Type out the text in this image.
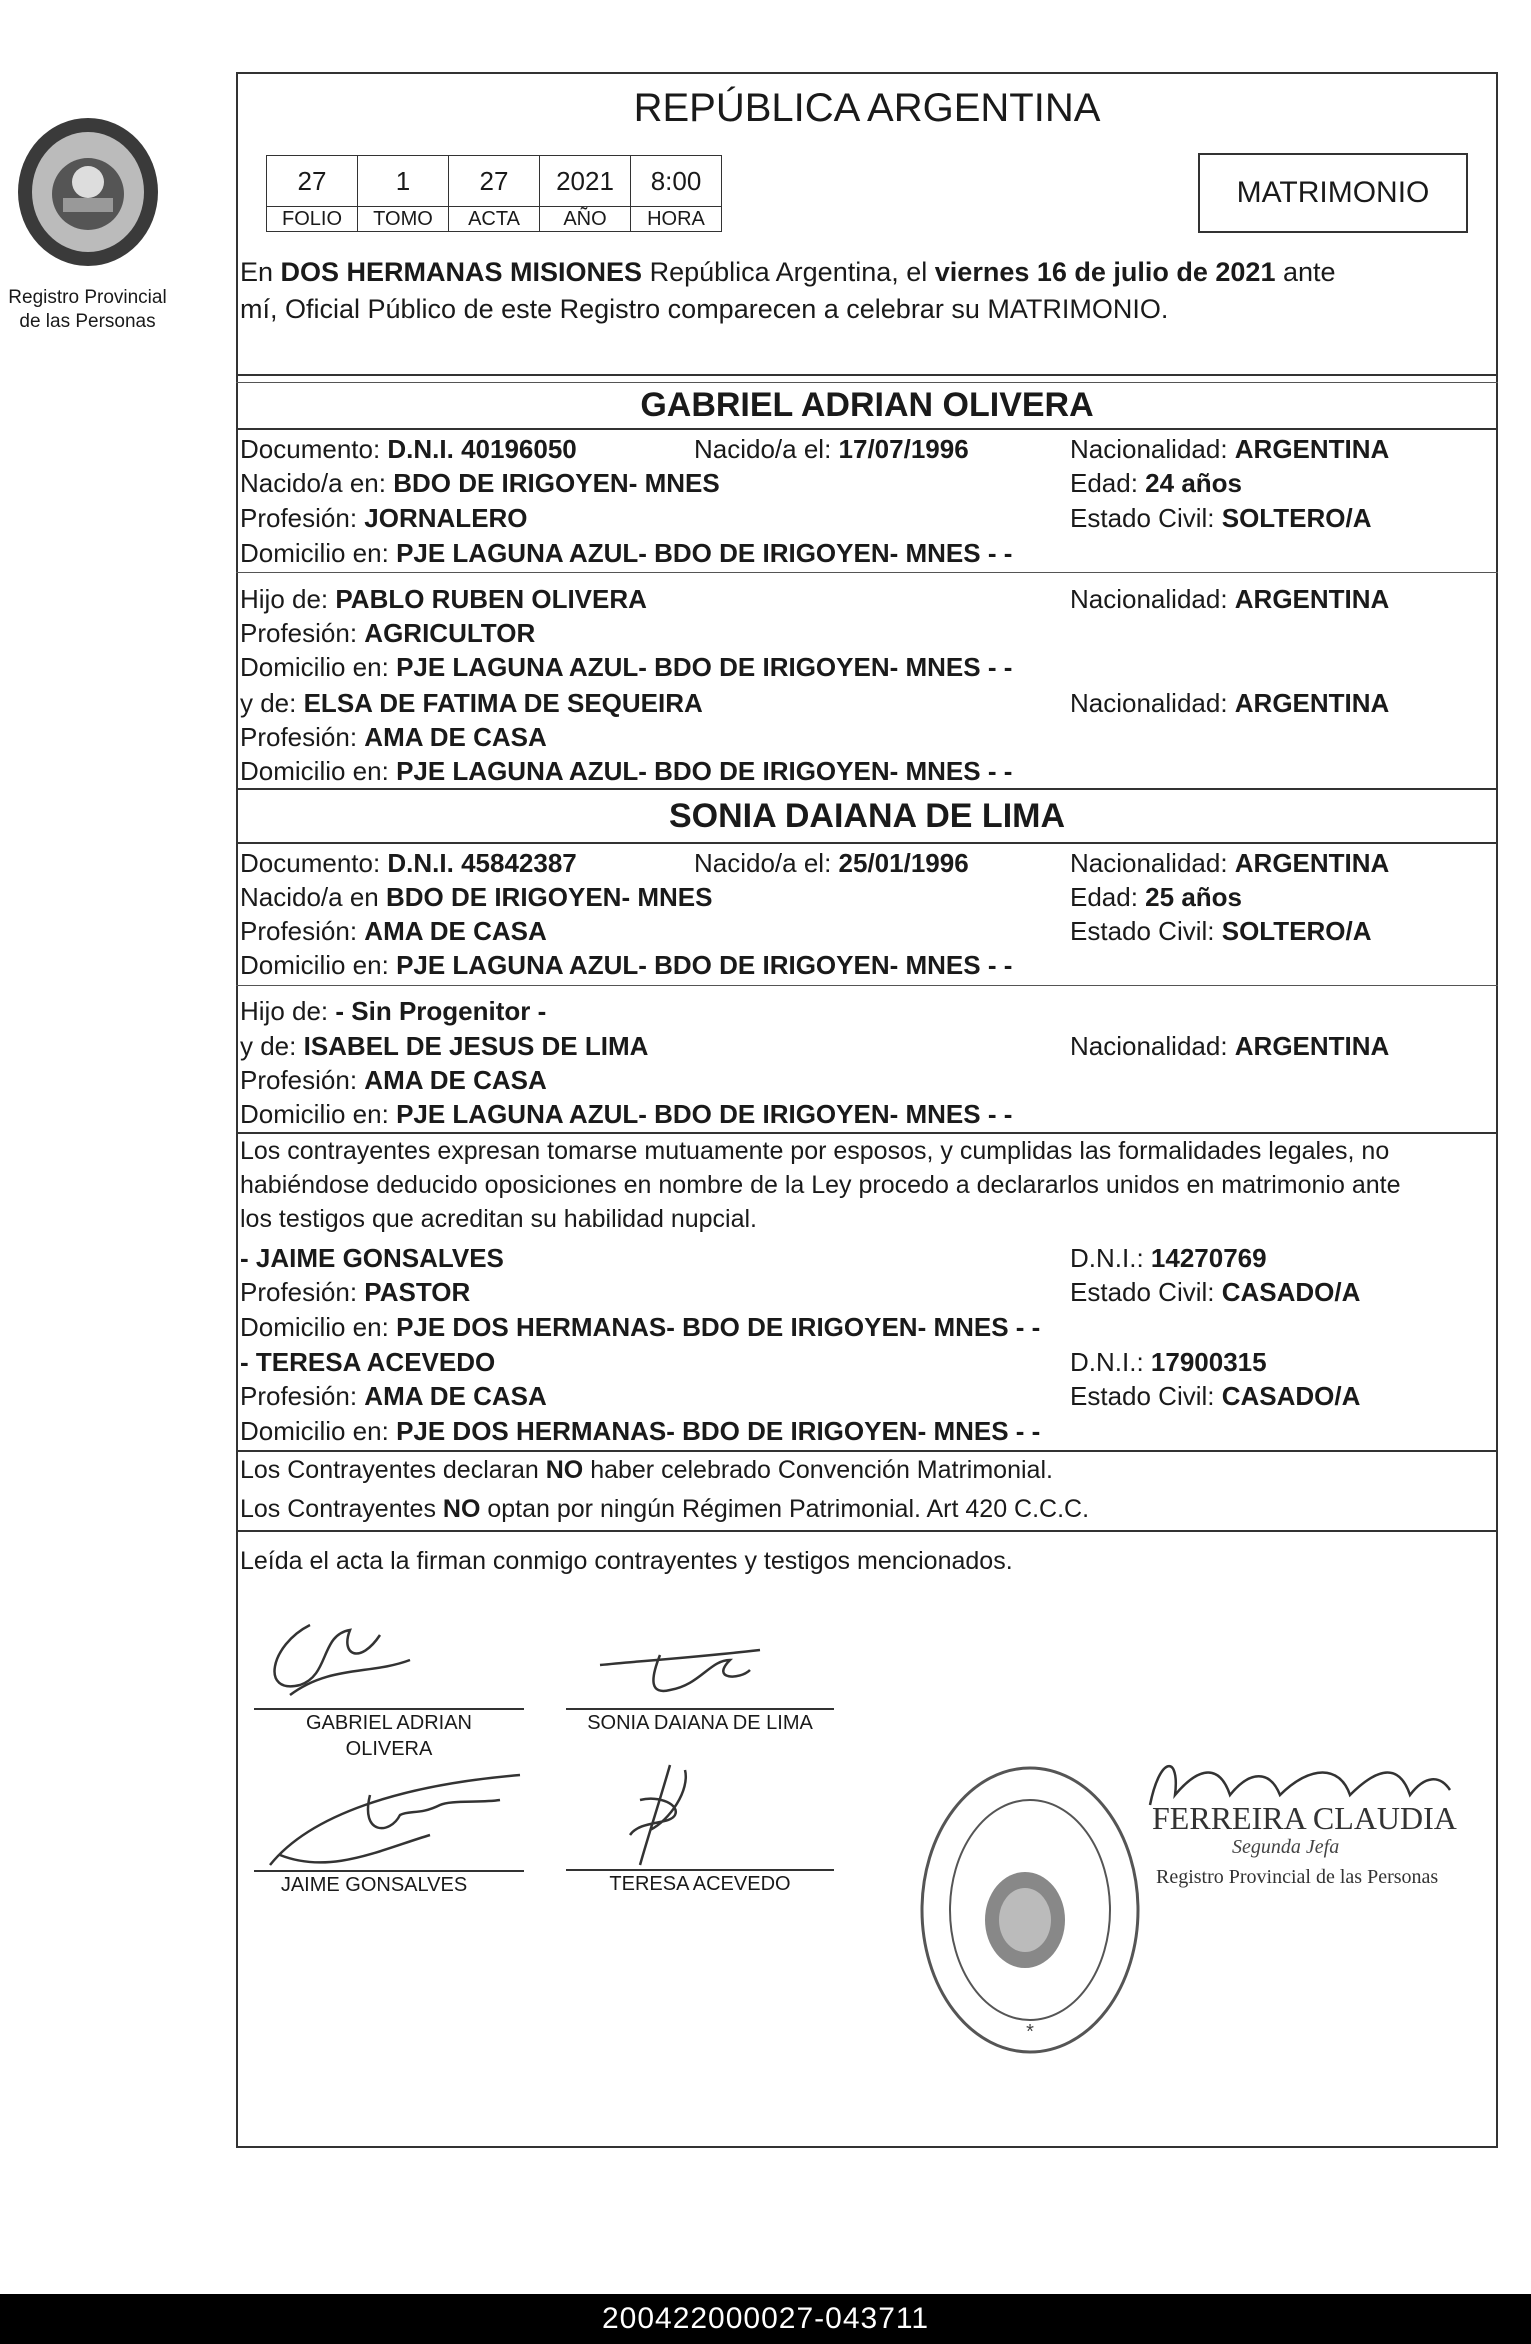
Registro Provincial
de las Personas
REPÚBLICA ARGENTINA
27	1	27	2021	8:00
FOLIO	TOMO	ACTA	AÑO	HORA
MATRIMONIO
En DOS HERMANAS MISIONES República Argentina, el viernes 16 de julio de 2021 ante
mí, Oficial Público de este Registro comparecen a celebrar su MATRIMONIO.
GABRIEL ADRIAN OLIVERA
Documento: D.N.I. 40196050	Nacido/a el: 17/07/1996	Nacionalidad: ARGENTINA
Nacido/a en: BDO DE IRIGOYEN- MNES	Edad: 24 años
Profesión: JORNALERO	Estado Civil: SOLTERO/A
Domicilio en: PJE LAGUNA AZUL- BDO DE IRIGOYEN- MNES - -
Hijo de: PABLO RUBEN OLIVERA	Nacionalidad: ARGENTINA
Profesión: AGRICULTOR
Domicilio en: PJE LAGUNA AZUL- BDO DE IRIGOYEN- MNES - -
y de: ELSA DE FATIMA DE SEQUEIRA	Nacionalidad: ARGENTINA
Profesión: AMA DE CASA
Domicilio en: PJE LAGUNA AZUL- BDO DE IRIGOYEN- MNES - -
SONIA DAIANA DE LIMA
Documento: D.N.I. 45842387	Nacido/a el: 25/01/1996	Nacionalidad: ARGENTINA
Nacido/a en BDO DE IRIGOYEN- MNES	Edad: 25 años
Profesión: AMA DE CASA	Estado Civil: SOLTERO/A
Domicilio en: PJE LAGUNA AZUL- BDO DE IRIGOYEN- MNES - -
Hijo de: - Sin Progenitor -
y de: ISABEL DE JESUS DE LIMA	Nacionalidad: ARGENTINA
Profesión: AMA DE CASA
Domicilio en: PJE LAGUNA AZUL- BDO DE IRIGOYEN- MNES - -
Los contrayentes expresan tomarse mutuamente por esposos, y cumplidas las formalidades legales, no
habiéndose deducido oposiciones en nombre de la Ley procedo a declararlos unidos en matrimonio ante
los testigos que acreditan su habilidad nupcial.
- JAIME GONSALVES	D.N.I.: 14270769
Profesión: PASTOR	Estado Civil: CASADO/A
Domicilio en: PJE DOS HERMANAS- BDO DE IRIGOYEN- MNES - -
- TERESA ACEVEDO	D.N.I.: 17900315
Profesión: AMA DE CASA	Estado Civil: CASADO/A
Domicilio en: PJE DOS HERMANAS- BDO DE IRIGOYEN- MNES - -
Los Contrayentes declaran NO haber celebrado Convención Matrimonial.
Los Contrayentes NO optan por ningún Régimen Patrimonial. Art 420 C.C.C.
Leída el acta la firman conmigo contrayentes y testigos mencionados.
GABRIEL ADRIAN
OLIVERA
SONIA DAIANA DE LIMA
JAIME GONSALVES	TERESA ACEVEDO
*
FERREIRA CLAUDIA
Segunda Jefa
Registro Provincial de las Personas
200422000027-043711
